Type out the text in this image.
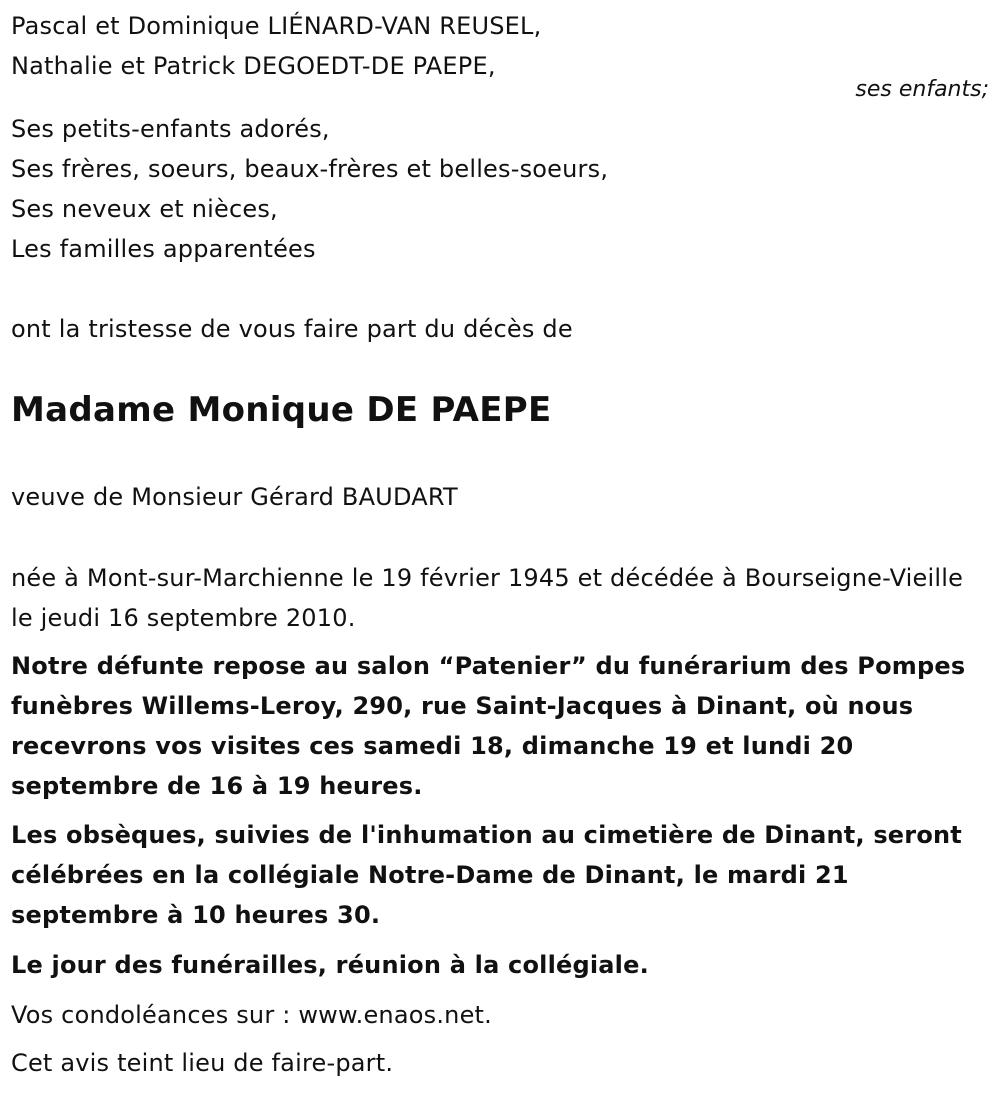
Pascal et Dominique LIÉNARD-VAN REUSEL,
Nathalie et Patrick DEGOEDT-DE PAEPE,
ses enfants;
Ses petits-enfants adorés,
Ses frères, soeurs, beaux-frères et belles-soeurs,
Ses neveux et nièces,
Les familles apparentées
ont la tristesse de vous faire part du décès de
Madame Monique DE PAEPE
veuve de Monsieur Gérard BAUDART
née à Mont-sur-Marchienne le 19 février 1945 et décédée à Bourseigne-Vieille le jeudi 16 septembre 2010.
Notre défunte repose au salon “Patenier” du funérarium des Pompes funèbres Willems-Leroy, 290, rue Saint-Jacques à Dinant, où nous recevrons vos visites ces samedi 18, dimanche 19 et lundi 20 septembre de 16 à 19 heures.
Les obsèques, suivies de l'inhumation au cimetière de Dinant, seront célébrées en la collégiale Notre-Dame de Dinant, le mardi 21 septembre à 10 heures 30.
Le jour des funérailles, réunion à la collégiale.
Vos condoléances sur : www.enaos.net.
Cet avis teint lieu de faire-part.
